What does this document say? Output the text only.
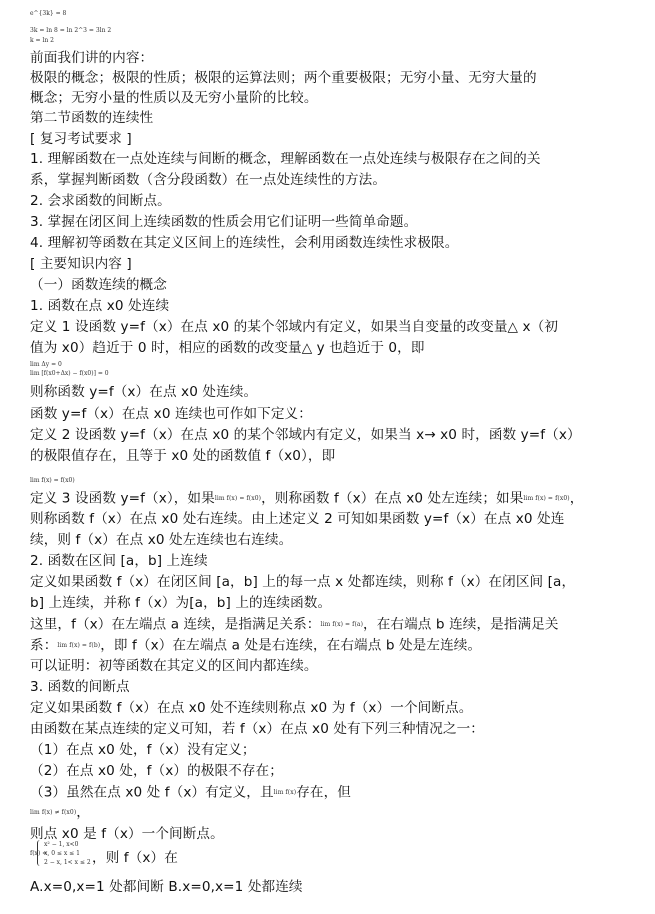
e^{3k} = 8
3k = ln 8 = ln 2^3 = 3ln 2
k = ln 2
前面我们讲的内容：
极限的概念；极限的性质；极限的运算法则；两个重要极限；无穷小量、无穷大量的
概念；无穷小量的性质以及无穷小量阶的比较。
第二节函数的连续性
[ 复习考试要求 ]
1. 理解函数在一点处连续与间断的概念，理解函数在一点处连续与极限存在之间的关
系，掌握判断函数（含分段函数）在一点处连续性的方法。
2. 会求函数的间断点。
3. 掌握在闭区间上连续函数的性质会用它们证明一些简单命题。
4. 理解初等函数在其定义区间上的连续性，会利用函数连续性求极限。
[ 主要知识内容 ]
（一）函数连续的概念
1. 函数在点 x0 处连续
定义 1 设函数 y=f（x）在点 x0 的某个邻域内有定义，如果当自变量的改变量△ x（初
值为 x0）趋近于 0 时，相应的函数的改变量△ y 也趋近于 0，即
lim Δy = 0
lim [f(x0+Δx) − f(x0)] = 0
则称函数 y=f（x）在点 x0 处连续。
函数 y=f（x）在点 x0 连续也可作如下定义：
定义 2 设函数 y=f（x）在点 x0 的某个邻域内有定义，如果当 x→ x0 时，函数 y=f（x）
的极限值存在，且等于 x0 处的函数值 f（x0），即
lim f(x) = f(x0)
定义 3 设函数 y=f（x），如果lim f(x) = f(x0)，则称函数 f（x）在点 x0 处左连续；如果lim f(x) = f(x0)，
则称函数 f（x）在点 x0 处右连续。由上述定义 2 可知如果函数 y=f（x）在点 x0 处连
续，则 f（x）在点 x0 处左连续也右连续。
2. 函数在区间 [a，b] 上连续
定义如果函数 f（x）在闭区间 [a，b] 上的每一点 x 处都连续，则称 f（x）在闭区间 [a，
b] 上连续，并称 f（x）为[a，b] 上的连续函数。
这里，f（x）在左端点 a 连续，是指满足关系：lim f(x) = f(a)，在右端点 b 连续，是指满足关
系：lim f(x) = f(b)，即 f（x）在左端点 a 处是右连续，在右端点 b 处是左连续。
可以证明：初等函数在其定义的区间内都连续。
3. 函数的间断点
定义如果函数 f（x）在点 x0 处不连续则称点 x0 为 f（x）一个间断点。
由函数在某点连续的定义可知，若 f（x）在点 x0 处有下列三种情况之一：
（1）在点 x0 处，f（x）没有定义；
（2）在点 x0 处，f（x）的极限不存在；
（3）虽然在点 x0 处 f（x）有定义，且lim f(x)存在，但
lim f(x) ≠ f(x0)，
则点 x0 是 f（x）一个间断点。
f(x) =
x² − 1, x<0
x, 0 ≤ x ≤ 1
2 − x, 1< x ≤ 2 ，则 f（x）在
A.x=0,x=1 处都间断 B.x=0,x=1 处都连续
